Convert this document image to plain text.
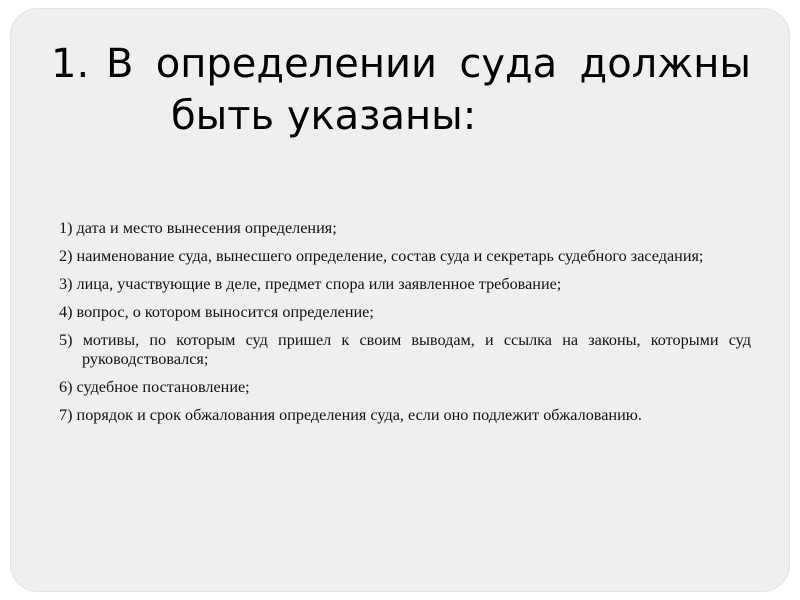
1. В определении суда должны
быть указаны:
1) дата и место вынесения определения;
2) наименование суда, вынесшего определение, состав суда и секретарь судебного заседания;
3) лица, участвующие в деле, предмет спора или заявленное требование;
4) вопрос, о котором выносится определение;
5) мотивы, по которым суд пришел к своим выводам, и ссылка на законы, которыми суд руководствовался;
6) судебное постановление;
7) порядок и срок обжалования определения суда, если оно подлежит обжалованию.
